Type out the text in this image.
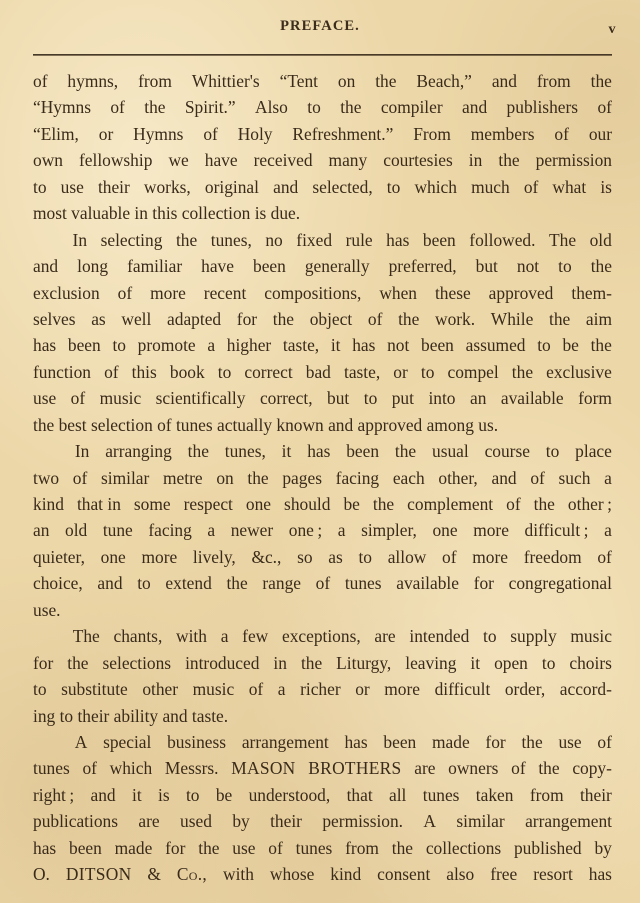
PREFACE.	v
of hymns, from Whittier's “Tent on the Beach,” and from the
“Hymns of the Spirit.” Also to the compiler and publishers of
“Elim, or Hymns of Holy Refreshment.” From members of our
own fellowship we have received many courtesies in the permission
to use their works, original and selected, to which much of what is
most valuable in this collection is due.
In selecting the tunes, no fixed rule has been followed. The old
and long familiar have been generally preferred, but not to the
exclusion of more recent compositions, when these approved them-
selves as well adapted for the object of the work. While the aim
has been to promote a higher taste, it has not been assumed to be the
function of this book to correct bad taste, or to compel the exclusive
use of music scientifically correct, but to put into an available form
the best selection of tunes actually known and approved among us.
In arranging the tunes, it has been the usual course to place
two of similar metre on the pages facing each other, and of such a
kind that in some respect one should be the complement of the other ;
an old tune facing a newer one ; a simpler, one more difficult ; a
quieter, one more lively, &c., so as to allow of more freedom of
choice, and to extend the range of tunes available for congregational
use.
The chants, with a few exceptions, are intended to supply music
for the selections introduced in the Liturgy, leaving it open to choirs
to substitute other music of a richer or more difficult order, accord-
ing to their ability and taste.
A special business arrangement has been made for the use of
tunes of which Messrs. MASON BROTHERS are owners of the copy-
right ; and it is to be understood, that all tunes taken from their
publications are used by their permission. A similar arrangement
has been made for the use of tunes from the collections published by
O. DITSON & Co., with whose kind consent also free resort has
